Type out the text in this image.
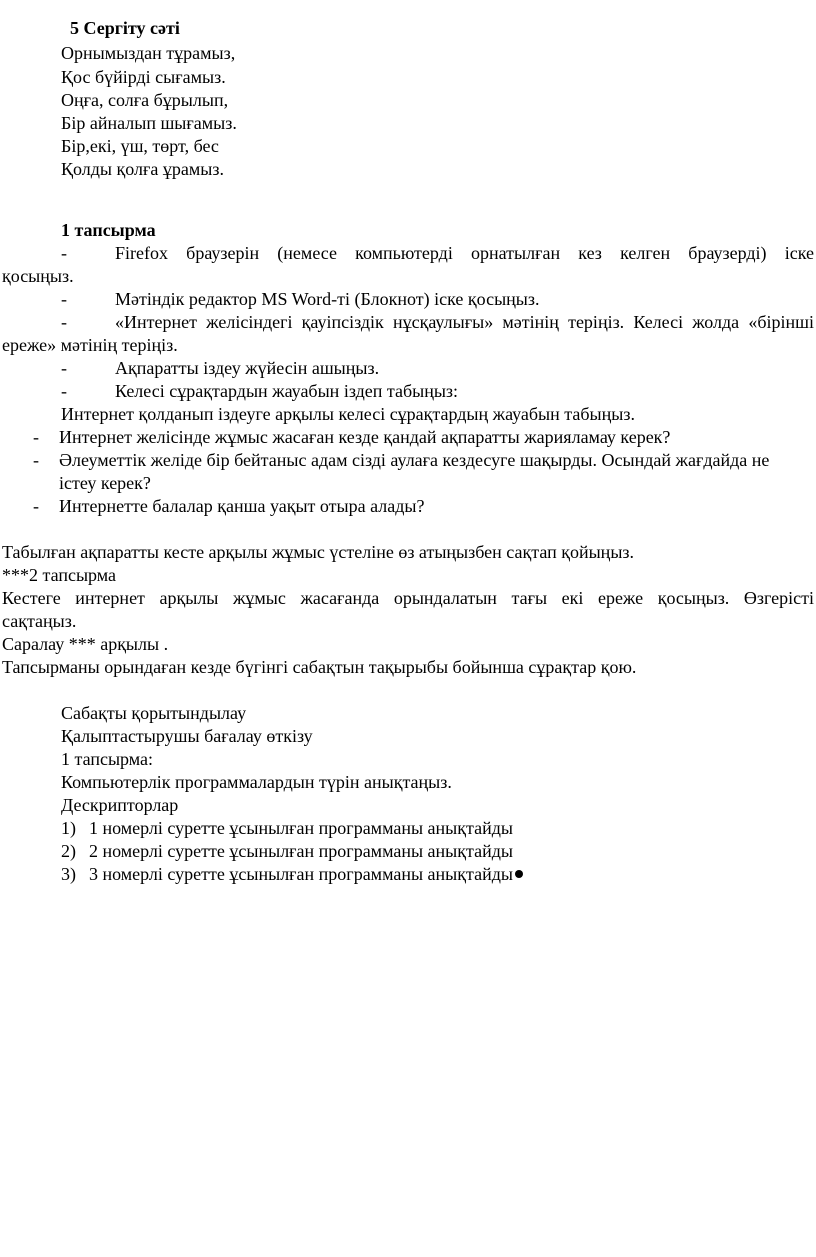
5 Сергіту сәті
Орнымыздан тұрамыз,
Қос бүйірді сығамыз.
Оңға, солға бұрылып,
Бір айналып шығамыз.
Бір,екі, үш, төрт, бес
Қолды қолға ұрамыз.
1 тапсырма
-	Firefox браузерін (немесе компьютерді орнатылған кез келген браузерді) іске
қосыңыз.
-	Мәтіндік редактор MS Word-ті (Блокнот) іске қосыңыз.
-	«Интернет желісіндегі қауіпсіздік нұсқаулығы» мәтінің теріңіз. Келесі жолда «бірінші
ереже» мәтінің теріңіз.
-	Ақпаратты іздеу жүйесін ашыңыз.
-	Келесі сұрақтардын жауабын іздеп табыңыз:
Интернет қолданып іздеуге арқылы келесі сұрақтардың жауабын табыңыз.
- Интернет желісінде жұмыс жасаған кезде қандай ақпаратты жарияламау керек?
- Әлеуметтік желіде бір бейтаныс адам сізді аулаға кездесуге шақырды. Осындай жағдайда не
істеу керек?
- Интернетте балалар қанша уақыт отыра алады?
Табылған ақпаратты кесте арқылы жұмыс үстеліне өз атыңызбен сақтап қойыңыз.
***2 тапсырма
Кестеге интернет арқылы жұмыс жасағанда орындалатын тағы екі ереже қосыңыз. Өзгерісті
сақтаңыз.
Саралау *** арқылы .
Тапсырманы орындаған кезде бүгінгі сабақтын тақырыбы бойынша сұрақтар қою.
Сабақты қорытындылау
Қалыптастырушы бағалау өткізу
1 тапсырма:
Компьютерлік программалардын түрін анықтаңыз.
Дескрипторлар
1) 1 номерлі суретте ұсынылған программаны анықтайды
2) 2 номерлі суретте ұсынылған программаны анықтайды
3) 3 номерлі суретте ұсынылған программаны анықтайды
